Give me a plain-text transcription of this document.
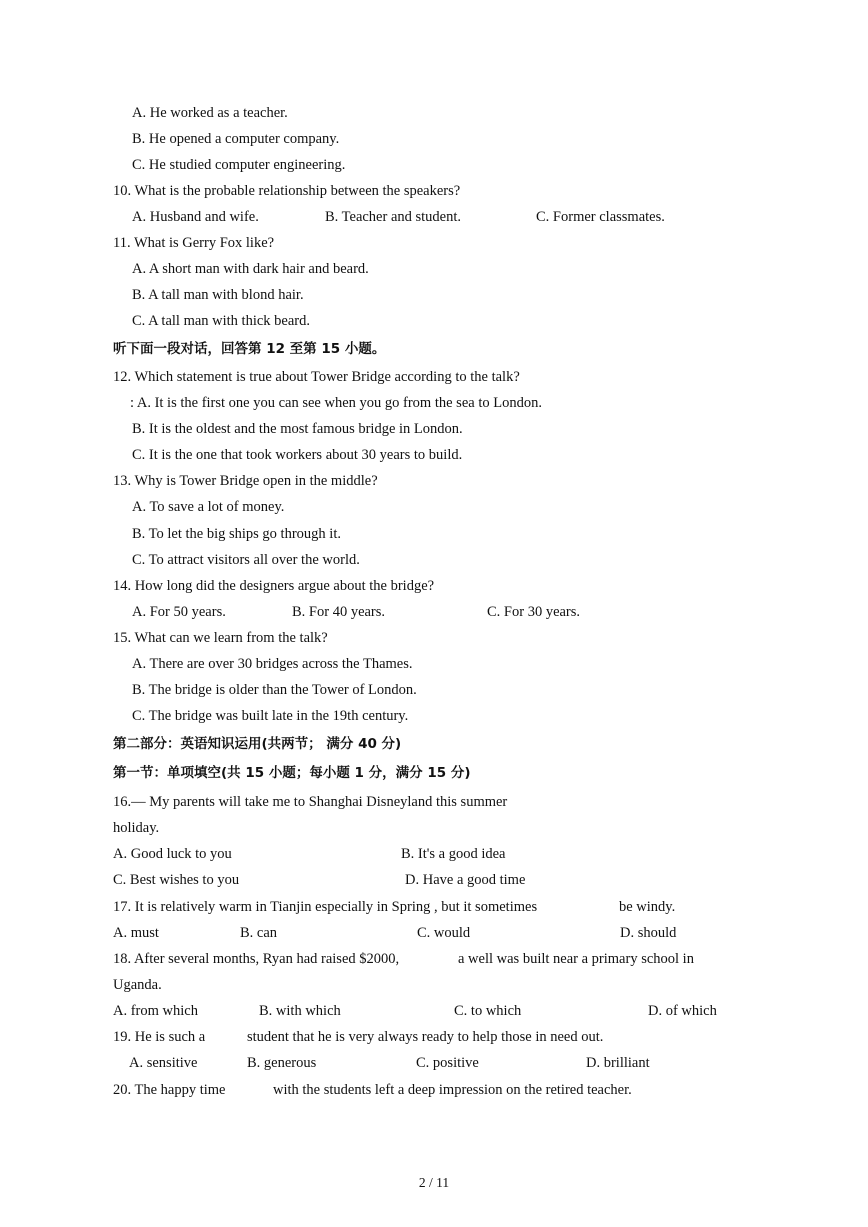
A. He worked as a teacher.
B. He opened a computer company.
C. He studied computer engineering.
10. What is the probable relationship between the speakers?
A. Husband and wife.	B. Teacher and student.	C. Former classmates.
11. What is Gerry Fox like?
A. A short man with dark hair and beard.
B. A tall man with blond hair.
C. A tall man with thick beard.
听下面一段对话，回答第 12 至第 15 小题。
12. Which statement is true about Tower Bridge according to the talk?
: A. It is the first one you can see when you go from the sea to London.
B. It is the oldest and the most famous bridge in London.
C. It is the one that took workers about 30 years to build.
13. Why is Tower Bridge open in the middle?
A. To save a lot of money.
B. To let the big ships go through it.
C. To attract visitors all over the world.
14. How long did the designers argue about the bridge?
A. For 50 years.	B. For 40 years.	C. For 30 years.
15. What can we learn from the talk?
A. There are over 30 bridges across the Thames.
B. The bridge is older than the Tower of London.
C. The bridge was built late in the 19th century.
第二部分：英语知识运用(共两节； 满分 40 分)
第一节：单项填空(共 15 小题；每小题 1 分，满分 15 分)
16.— My parents will take me to Shanghai Disneyland this summer
holiday.
A. Good luck to you	B. It's a good idea
C. Best wishes to you	D. Have a good time
17. It is relatively warm in Tianjin especially in Spring , but it sometimes	be windy.
A. must	B. can	C. would	D. should
18. After several months, Ryan had raised $2000,	a well was built near a primary school in
Uganda.
A. from which	B. with which	C. to which	D. of which
19. He is such a	student that he is very always ready to help those in need out.
A. sensitive	B. generous	C. positive	D. brilliant
20. The happy time	with the students left a deep impression on the retired teacher.
2 / 11
